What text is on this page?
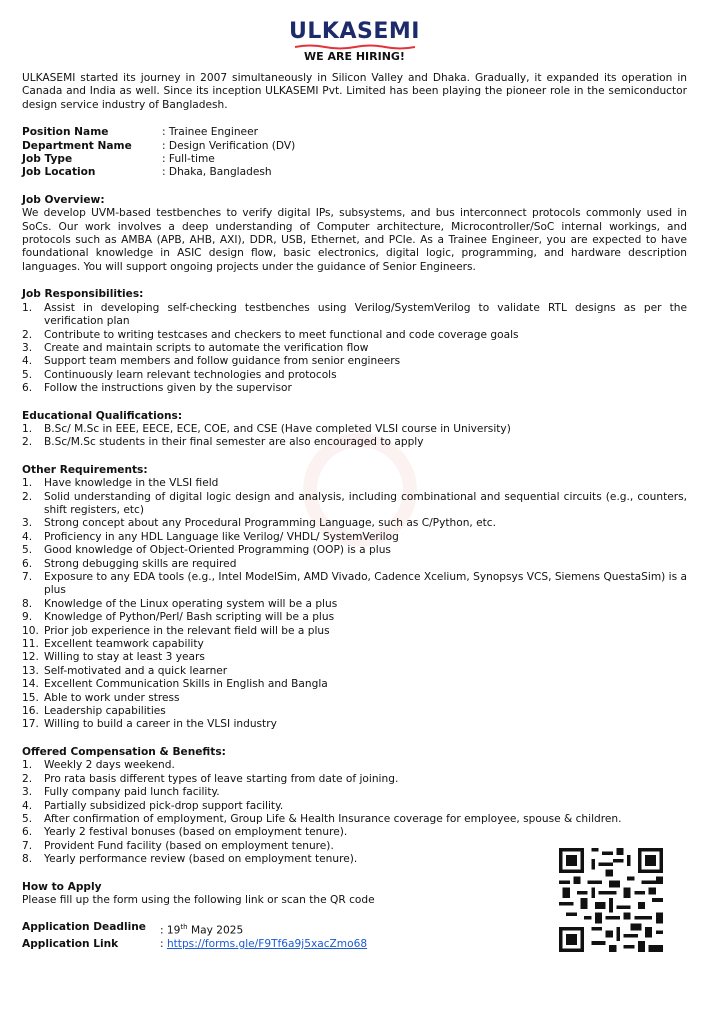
ULKASEMI
WE ARE HIRING!

ULKASEMI started its journey in 2007 simultaneously in Silicon Valley and Dhaka. Gradually, it expanded its operation in Canada and India as well. Since its inception ULKASEMI Pvt. Limited has been playing the pioneer role in the semiconductor design service industry of Bangladesh.

Position Name	: Trainee Engineer
Department Name	: Design Verification (DV)
Job Type	: Full-time
Job Location	: Dhaka, Bangladesh
Job Overview:

We develop UVM-based testbenches to verify digital IPs, subsystems, and bus interconnect protocols commonly used in SoCs. Our work involves a deep understanding of Computer architecture, Microcontroller/SoC internal workings, and protocols such as AMBA (APB, AHB, AXI), DDR, USB, Ethernet, and PCIe. As a Trainee Engineer, you are expected to have foundational knowledge in ASIC design flow, basic electronics, digital logic, programming, and hardware description languages. You will support ongoing projects under the guidance of Senior Engineers.

Job Responsibilities:
1.	Assist in developing self-checking testbenches using Verilog/SystemVerilog to validate RTL designs as per the verification plan
2.	Contribute to writing testcases and checkers to meet functional and code coverage goals
3.	Create and maintain scripts to automate the verification flow
4.	Support team members and follow guidance from senior engineers
5.	Continuously learn relevant technologies and protocols
6.	Follow the instructions given by the supervisor
Educational Qualifications:
1.	B.Sc/ M.Sc in EEE, EECE, ECE, COE, and CSE (Have completed VLSI course in University)
2.	B.Sc/M.Sc students in their final semester are also encouraged to apply
Other Requirements:
1.	Have knowledge in the VLSI field
2.	Solid understanding of digital logic design and analysis, including combinational and sequential circuits (e.g., counters, shift registers, etc)
3.	Strong concept about any Procedural Programming Language, such as C/Python, etc.
4.	Proficiency in any HDL Language like Verilog/ VHDL/ SystemVerilog
5.	Good knowledge of Object-Oriented Programming (OOP) is a plus
6.	Strong debugging skills are required
7.	Exposure to any EDA tools (e.g., Intel ModelSim, AMD Vivado, Cadence Xcelium, Synopsys VCS, Siemens QuestaSim) is a plus
8.	Knowledge of the Linux operating system will be a plus
9.	Knowledge of Python/Perl/ Bash scripting will be a plus
10. Prior job experience in the relevant field will be a plus
11. Excellent teamwork capability
12. Willing to stay at least 3 years
13. Self-motivated and a quick learner
14. Excellent Communication Skills in English and Bangla
15. Able to work under stress
16. Leadership capabilities
17. Willing to build a career in the VLSI industry
Offered Compensation & Benefits:
1.	Weekly 2 days weekend.
2.	Pro rata basis different types of leave starting from date of joining.
3.	Fully company paid lunch facility.
4.	Partially subsidized pick-drop support facility.
5.	After confirmation of employment, Group Life & Health Insurance coverage for employee, spouse & children.
6.	Yearly 2 festival bonuses (based on employment tenure).
7.	Provident Fund facility (based on employment tenure).
8.	Yearly performance review (based on employment tenure).
How to Apply

Please fill up the form using the following link or scan the QR code

Application Deadline	: 19th May 2025
Application Link	: https://forms.gle/F9Tf6a9j5xacZmo68
